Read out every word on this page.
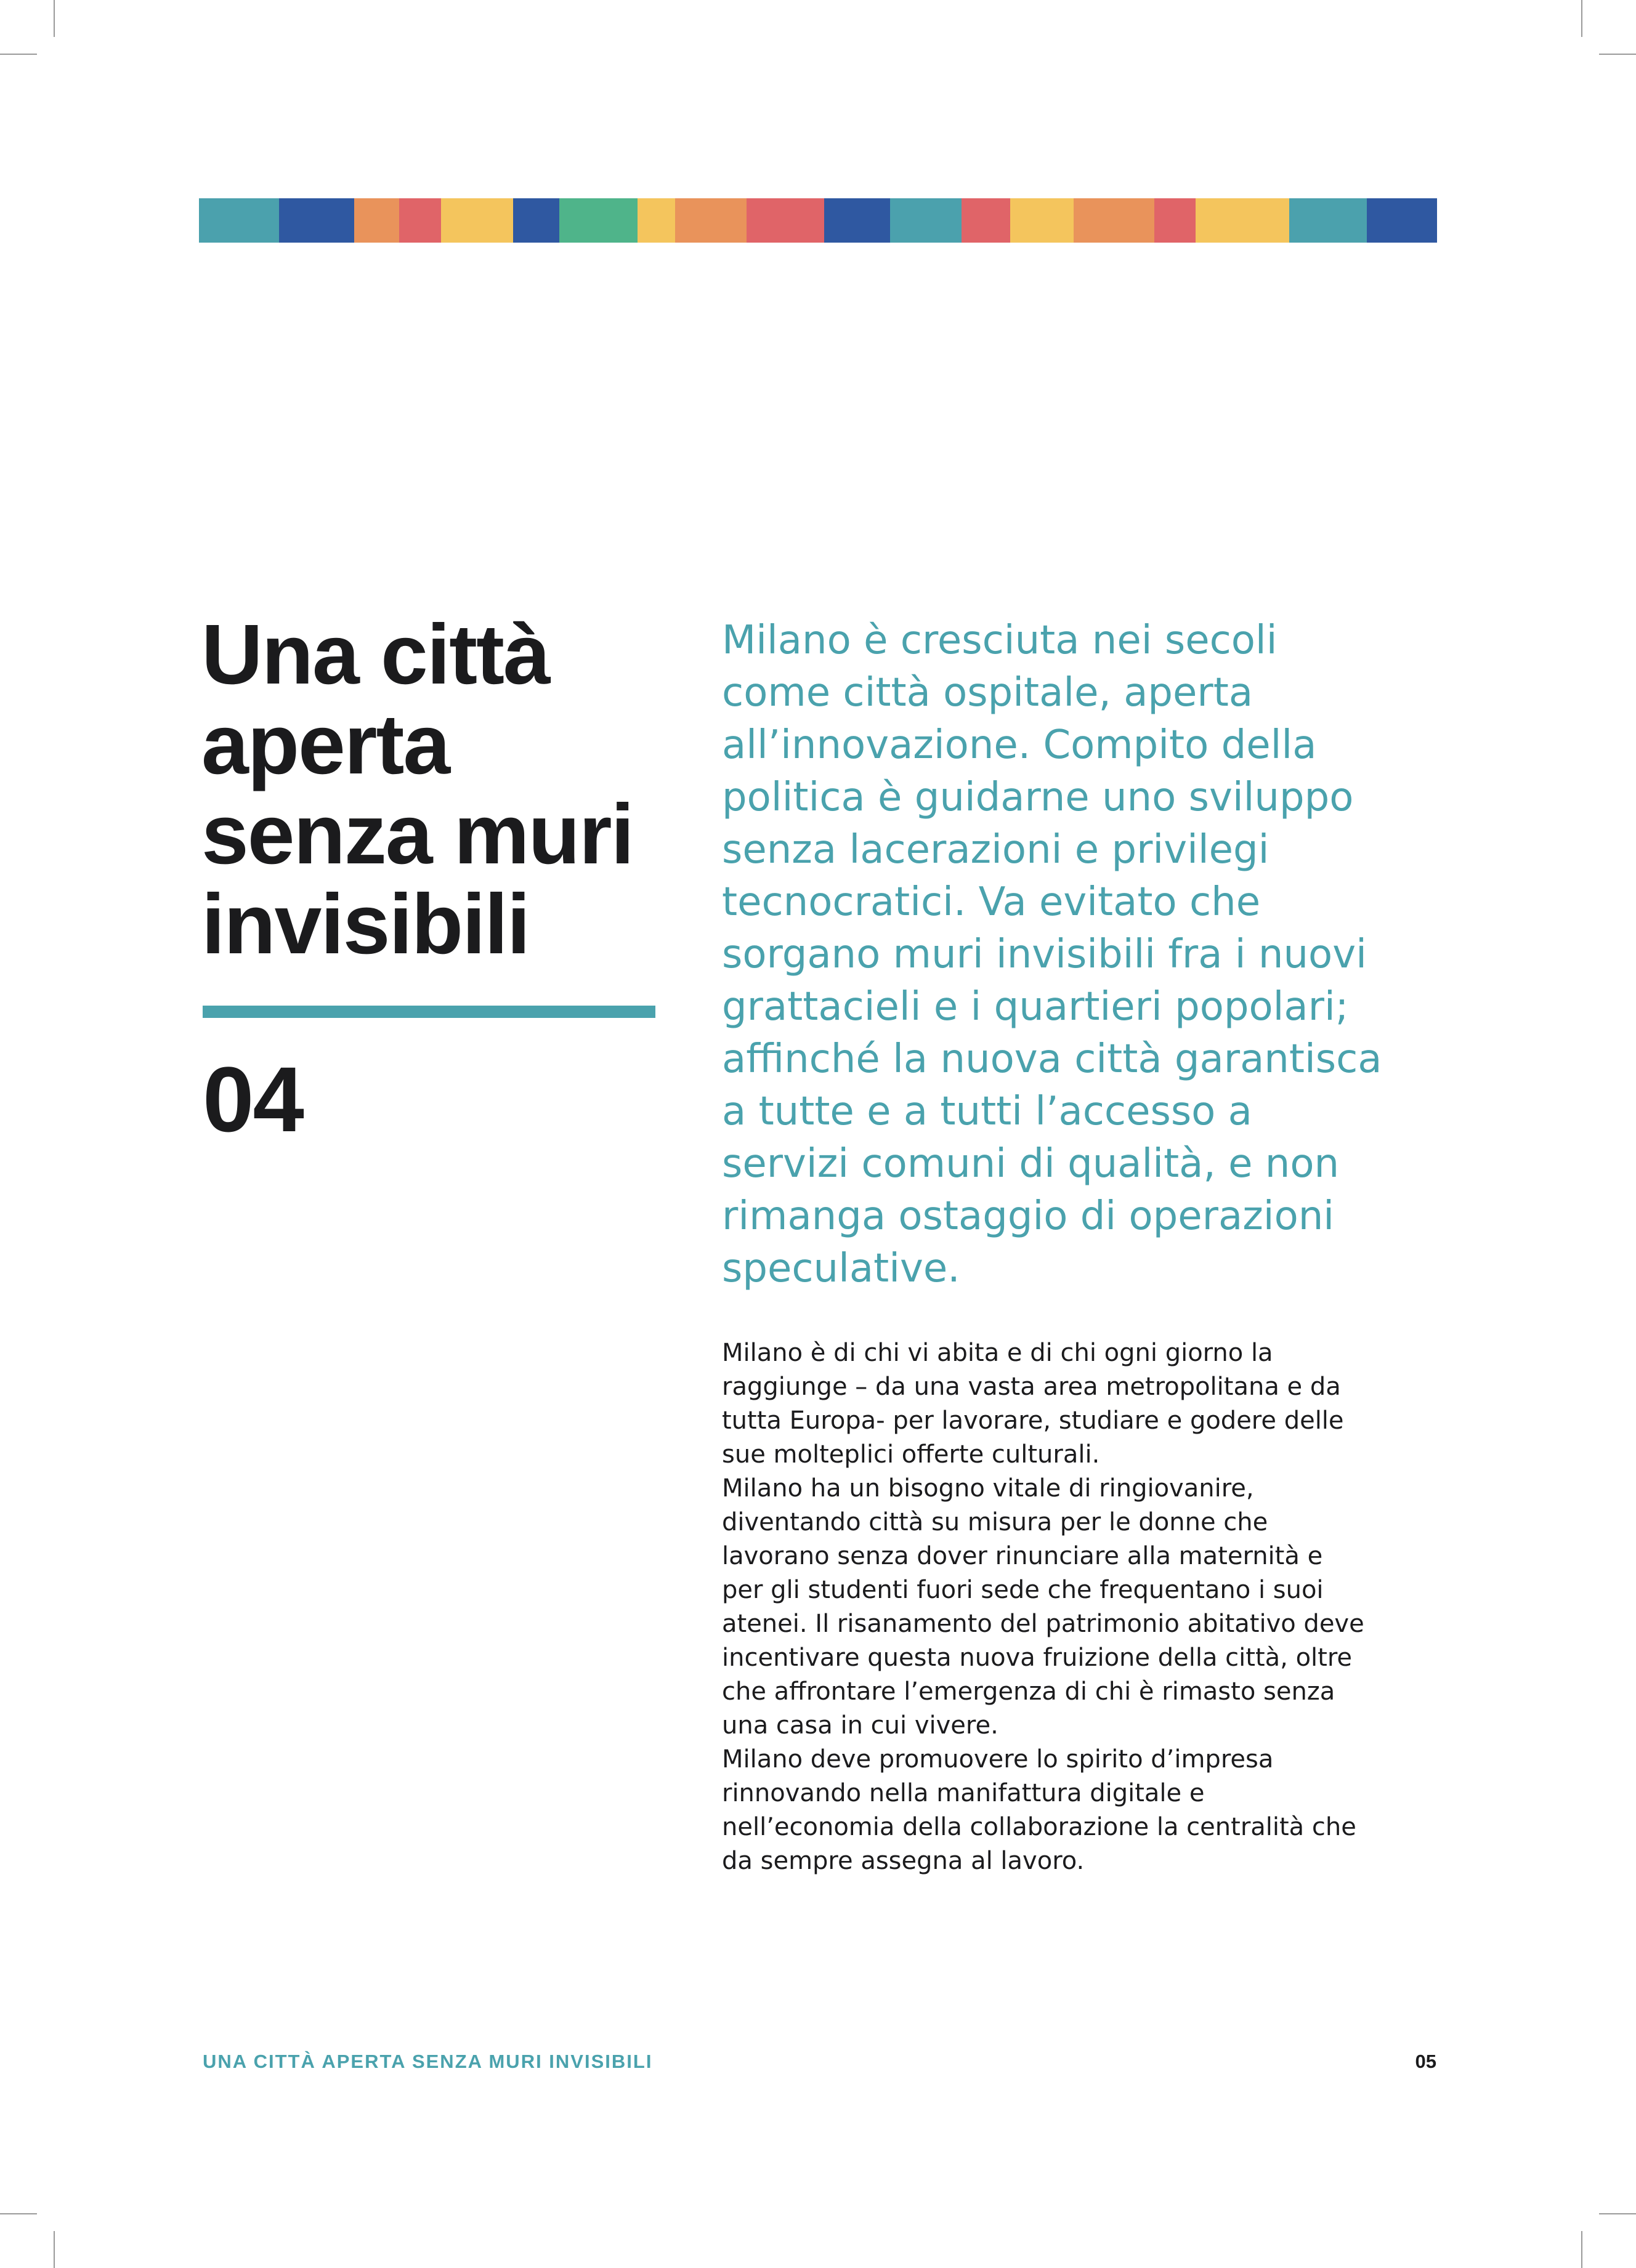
Una città
aperta
senza muri
invisibili
04

Milano è cresciuta nei secoli
come città ospitale, aperta
all’innovazione. Compito della
politica è guidarne uno sviluppo
senza lacerazioni e privilegi
tecnocratici. Va evitato che
sorgano muri invisibili fra i nuovi
grattacieli e i quartieri popolari;
affinché la nuova città garantisca
a tutte e a tutti l’accesso a
servizi comuni di qualità, e non
rimanga ostaggio di operazioni
speculative.

Milano è di chi vi abita e di chi ogni giorno la
raggiunge – da una vasta area metropolitana e da
tutta Europa- per lavorare, studiare e godere delle
sue molteplici offerte culturali.
Milano ha un bisogno vitale di ringiovanire,
diventando città su misura per le donne che
lavorano senza dover rinunciare alla maternità e
per gli studenti fuori sede che frequentano i suoi
atenei. Il risanamento del patrimonio abitativo deve
incentivare questa nuova fruizione della città, oltre
che affrontare l’emergenza di chi è rimasto senza
una casa in cui vivere.
Milano deve promuovere lo spirito d’impresa
rinnovando nella manifattura digitale e
nell’economia della collaborazione la centralità che
da sempre assegna al lavoro.

UNA CITTÀ APERTA SENZA MURI INVISIBILI	05
